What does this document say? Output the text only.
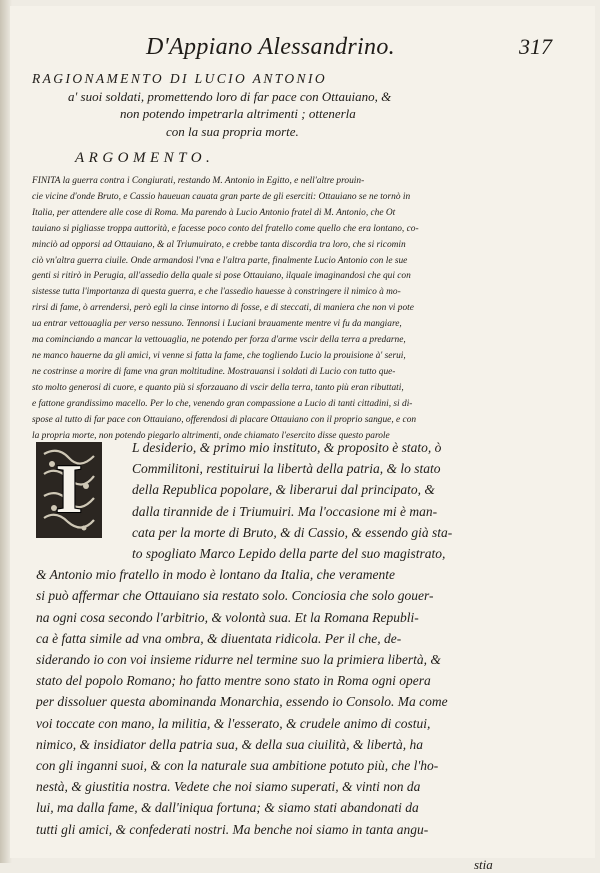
D'Appiano Alessandrino.	317
RAGIONAMENTO DI LUCIO ANTONIO
a' suoi soldati, promettendo loro di far pace con Ottauiano, &
non potendo impetrarla altrimenti ; ottenerla
con la sua propria morte.
ARGOMENTO.
FINITA la guerra contra i Congiurati, restando M. Antonio in Egitto, e nell'altre prouin-
cie vicine d'onde Bruto, e Cassio haueuan cauata gran parte de gli eserciti: Ottauiano se ne tornò in
Italia, per attendere alle cose di Roma. Ma parendo à Lucio Antonio fratel di M. Antonio, che Ot
tauiano si pigliasse troppa auttorità, e facesse poco conto del fratello come quello che era lontano, co-
minciò ad opporsi ad Ottauiano, & al Triumuirato, e crebbe tanta discordia tra loro, che si ricomin
ciò vn'altra guerra ciuile. Onde armandosi l'vna e l'altra parte, finalmente Lucio Antonio con le sue
genti si ritirò in Perugia, all'assedio della quale si pose Ottauiano, ilquale imaginandosi che qui con
sistesse tutta l'importanza di questa guerra, e che l'assedio hauesse à constringere il nimico à mo-
rirsi di fame, ò arrendersi, però egli la cinse intorno di fosse, e di steccati, di maniera che non vi pote
ua entrar vettouaglia per verso nessuno. Tennonsi i Luciani brauamente mentre vi fu da mangiare,
ma cominciando a mancar la vettouaglia, ne potendo per forza d'arme vscir della terra a predarne,
ne manco hauerne da gli amici, vi venne si fatta la fame, che togliendo Lucio la prouisione à' serui,
ne costrinse a morire di fame vna gran moltitudine. Mostrauansi i soldati di Lucio con tutto que-
sto molto generosi di cuore, e quanto più si sforzauano di vscir della terra, tanto più eran ributtati,
e fattone grandissimo macello. Per lo che, venendo gran compassione a Lucio di tanti cittadini, si di-
spose al tutto di far pace con Ottauiano, offerendosi di placare Ottauiano con il proprio sangue, e con
la propria morte, non potendo piegarlo altrimenti, onde chiamato l'esercito disse questo parole
I
L desiderio, & primo mio instituto, & proposito è stato, ò
Commilitoni, restituirui la libertà della patria, & lo stato
della Republica popolare, & liberarui dal principato, &
dalla tirannide de i Triumuiri. Ma l'occasione mi è man-
cata per la morte di Bruto, & di Cassio, & essendo già sta-
to spogliato Marco Lepido della parte del suo magistrato,
& Antonio mio fratello in modo è lontano da Italia, che veramente
si può affermar che Ottauiano sia restato solo. Conciosia che solo gouer-
na ogni cosa secondo l'arbitrio, & volontà sua. Et la Romana Republi-
ca è fatta simile ad vna ombra, & diuentata ridicola. Per il che, de-
siderando io con voi insieme ridurre nel termine suo la primiera libertà, &
stato del popolo Romano; ho fatto mentre sono stato in Roma ogni opera
per dissoluer questa abominanda Monarchia, essendo io Consolo. Ma come
voi toccate con mano, la militia, & l'esserato, & crudele animo di costui,
nimico, & insidiator della patria sua, & della sua ciuilità, & libertà, ha
con gli inganni suoi, & con la naturale sua ambitione potuto più, che l'ho-
nestà, & giustitia nostra. Vedete che noi siamo superati, & vinti non da
lui, ma dalla fame, & dall'iniqua fortuna; & siamo stati abandonati da
tutti gli amici, & confederati nostri. Ma benche noi siamo in tanta angu-
stia
